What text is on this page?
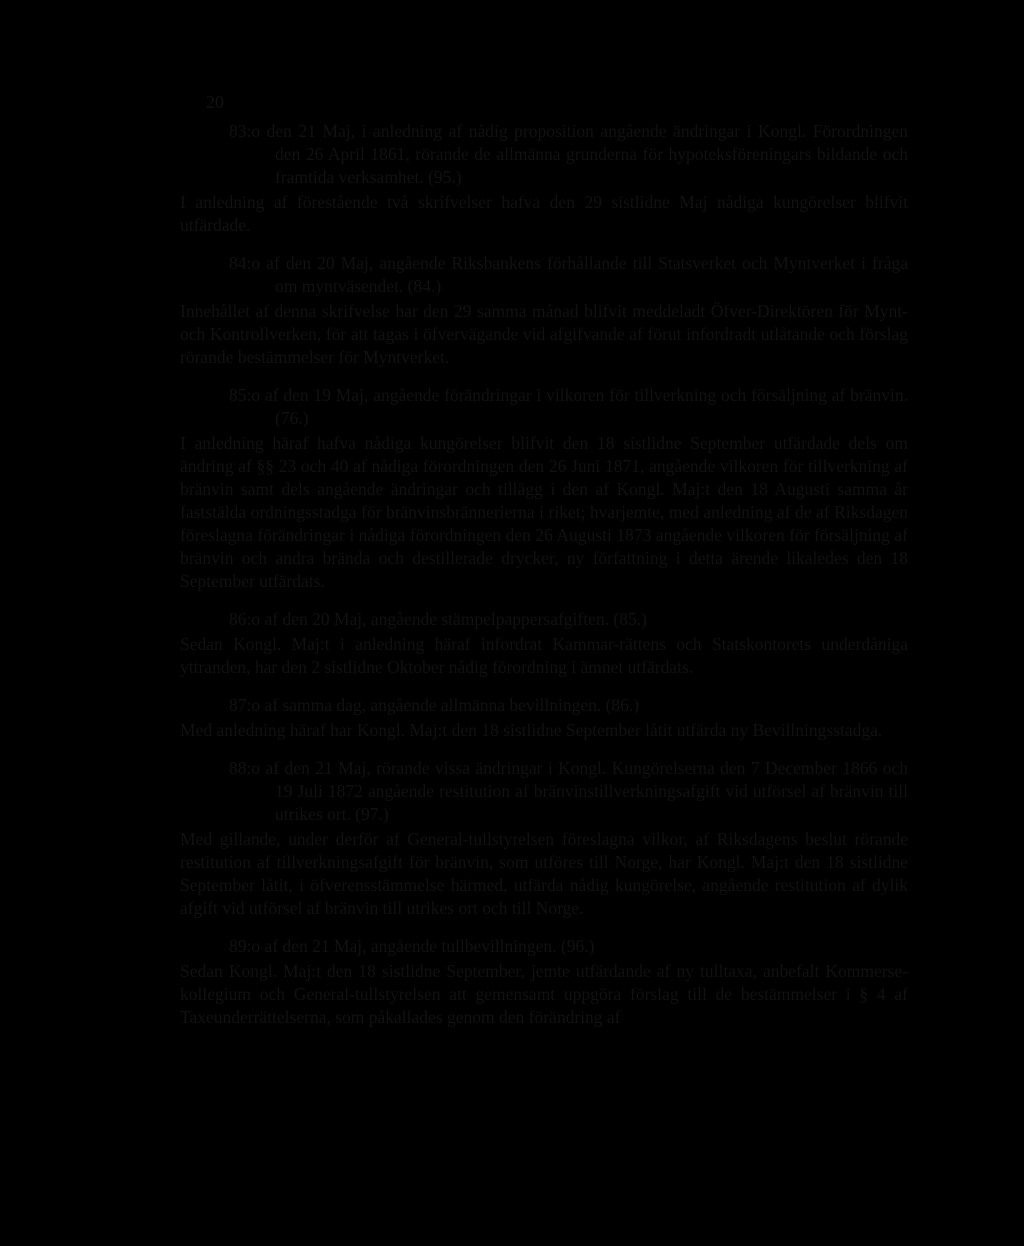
20
83:o den 21 Maj, i anledning af nådig proposition angående ändringar i Kongl. Förordningen den 26 April 1861, rörande de allmänna grunderna för hypoteksföreningars bildande och framtida verksamhet. (95.)
I anledning af förestående två skrifvelser hafva den 29 sistlidne Maj nådiga kungörelser blifvit utfärdade.
84:o af den 20 Maj, angående Riksbankens förhållande till Statsverket och Myntverket i fråga om myntväsendet. (84.)
Innehållet af denna skrifvelse har den 29 samma månad blifvit meddeladt Öfver-Direktören för Mynt- och Kontrollverken, för att tagas i öfvervägande vid afgifvande af förut infordradt utlåtande och förslag rörande bestämmelser för Myntverket.
85:o af den 19 Maj, angående förändringar i vilkoren för tillverkning och försäljning af bränvin. (76.)
I anledning häraf hafva nådiga kungörelser blifvit den 18 sistlidne September utfärdade dels om ändring af §§ 23 och 40 af nådiga förordningen den 26 Juni 1871, angående vilkoren för tillverkning af bränvin samt dels angående ändringar och tillägg i den af Kongl. Maj:t den 18 Augusti samma år faststälda ordningsstadga för bränvinsbrännerierna i riket; hvarjemte, med anledning af de af Riksdagen föreslagna förändringar i nådiga förordningen den 26 Augusti 1873 angående vilkoren för försäljning af bränvin och andra brända och destillerade drycker, ny författning i detta ärende likaledes den 18 September utfärdats.
86:o af den 20 Maj, angående stämpelpappersafgiften. (85.)
Sedan Kongl. Maj:t i anledning häraf infordrat Kammar-rättens och Statskontorets underdåniga yttranden, har den 2 sistlidne Oktober nådig förordning i ämnet utfärdats.
87:o af samma dag, angående allmänna bevillningen. (86.)
Med anledning häraf har Kongl. Maj:t den 18 sistlidne September låtit utfärda ny Bevillningsstadga.
88:o af den 21 Maj, rörande vissa ändringar i Kongl. Kungörelserna den 7 December 1866 och 19 Juli 1872 angående restitution af bränvinstillverkningsafgift vid utförsel af bränvin till utrikes ort. (97.)
Med gillande, under derför af General-tullstyrelsen föreslagna vilkor, af Riksdagens beslut rörande restitution af tillverkningsafgift för bränvin, som utföres till Norge, har Kongl. Maj:t den 18 sistlidne September låtit, i öfverensstämmelse härmed, utfärda nådig kungörelse, angående restitution af dylik afgift vid utförsel af bränvin till utrikes ort och till Norge.
89:o af den 21 Maj, angående tullbevillningen. (96.)
Sedan Kongl. Maj:t den 18 sistlidne September, jemte utfärdande af ny tulltaxa, anbefalt Kommerse-kollegium och General-tullstyrelsen att gemensamt uppgöra förslag till de bestämmelser i § 4 af Taxeunderrättelserna, som påkallades genom den förändring af
